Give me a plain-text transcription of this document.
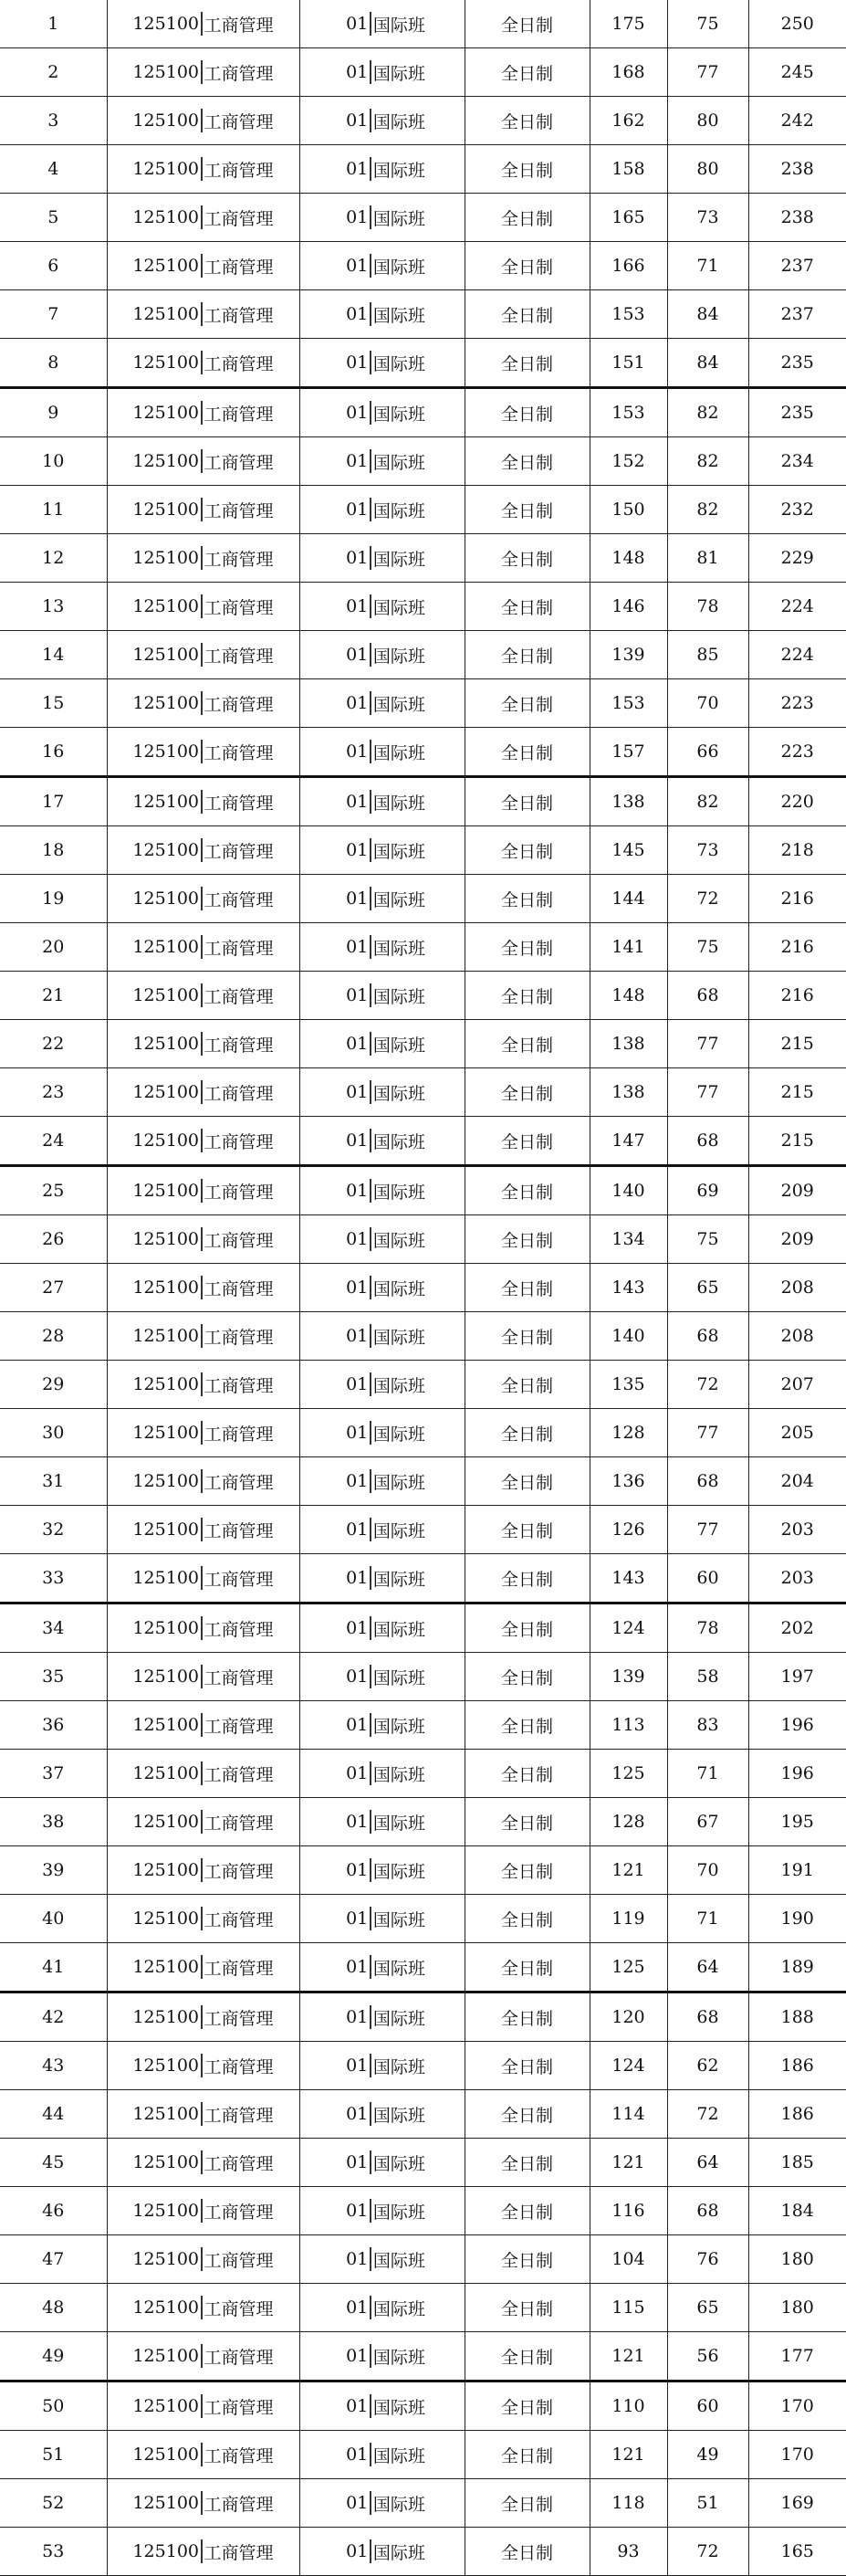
1	125100 工商管理	01 国际班	全日制	175	75	250
2	125100 工商管理	01 国际班	全日制	168	77	245
3	125100 工商管理	01 国际班	全日制	162	80	242
4	125100 工商管理	01 国际班	全日制	158	80	238
5	125100 工商管理	01 国际班	全日制	165	73	238
6	125100 工商管理	01 国际班	全日制	166	71	237
7	125100 工商管理	01 国际班	全日制	153	84	237
8	125100 工商管理	01 国际班	全日制	151	84	235
9	125100 工商管理	01 国际班	全日制	153	82	235
10	125100 工商管理	01 国际班	全日制	152	82	234
11	125100 工商管理	01 国际班	全日制	150	82	232
12	125100 工商管理	01 国际班	全日制	148	81	229
13	125100 工商管理	01 国际班	全日制	146	78	224
14	125100 工商管理	01 国际班	全日制	139	85	224
15	125100 工商管理	01 国际班	全日制	153	70	223
16	125100 工商管理	01 国际班	全日制	157	66	223
17	125100 工商管理	01 国际班	全日制	138	82	220
18	125100 工商管理	01 国际班	全日制	145	73	218
19	125100 工商管理	01 国际班	全日制	144	72	216
20	125100 工商管理	01 国际班	全日制	141	75	216
21	125100 工商管理	01 国际班	全日制	148	68	216
22	125100 工商管理	01 国际班	全日制	138	77	215
23	125100 工商管理	01 国际班	全日制	138	77	215
24	125100 工商管理	01 国际班	全日制	147	68	215
25	125100 工商管理	01 国际班	全日制	140	69	209
26	125100 工商管理	01 国际班	全日制	134	75	209
27	125100 工商管理	01 国际班	全日制	143	65	208
28	125100 工商管理	01 国际班	全日制	140	68	208
29	125100 工商管理	01 国际班	全日制	135	72	207
30	125100 工商管理	01 国际班	全日制	128	77	205
31	125100 工商管理	01 国际班	全日制	136	68	204
32	125100 工商管理	01 国际班	全日制	126	77	203
33	125100 工商管理	01 国际班	全日制	143	60	203
34	125100 工商管理	01 国际班	全日制	124	78	202
35	125100 工商管理	01 国际班	全日制	139	58	197
36	125100 工商管理	01 国际班	全日制	113	83	196
37	125100 工商管理	01 国际班	全日制	125	71	196
38	125100 工商管理	01 国际班	全日制	128	67	195
39	125100 工商管理	01 国际班	全日制	121	70	191
40	125100 工商管理	01 国际班	全日制	119	71	190
41	125100 工商管理	01 国际班	全日制	125	64	189
42	125100 工商管理	01 国际班	全日制	120	68	188
43	125100 工商管理	01 国际班	全日制	124	62	186
44	125100 工商管理	01 国际班	全日制	114	72	186
45	125100 工商管理	01 国际班	全日制	121	64	185
46	125100 工商管理	01 国际班	全日制	116	68	184
47	125100 工商管理	01 国际班	全日制	104	76	180
48	125100 工商管理	01 国际班	全日制	115	65	180
49	125100 工商管理	01 国际班	全日制	121	56	177
50	125100 工商管理	01 国际班	全日制	110	60	170
51	125100 工商管理	01 国际班	全日制	121	49	170
52	125100 工商管理	01 国际班	全日制	118	51	169
53	125100 工商管理	01 国际班	全日制	93	72	165
